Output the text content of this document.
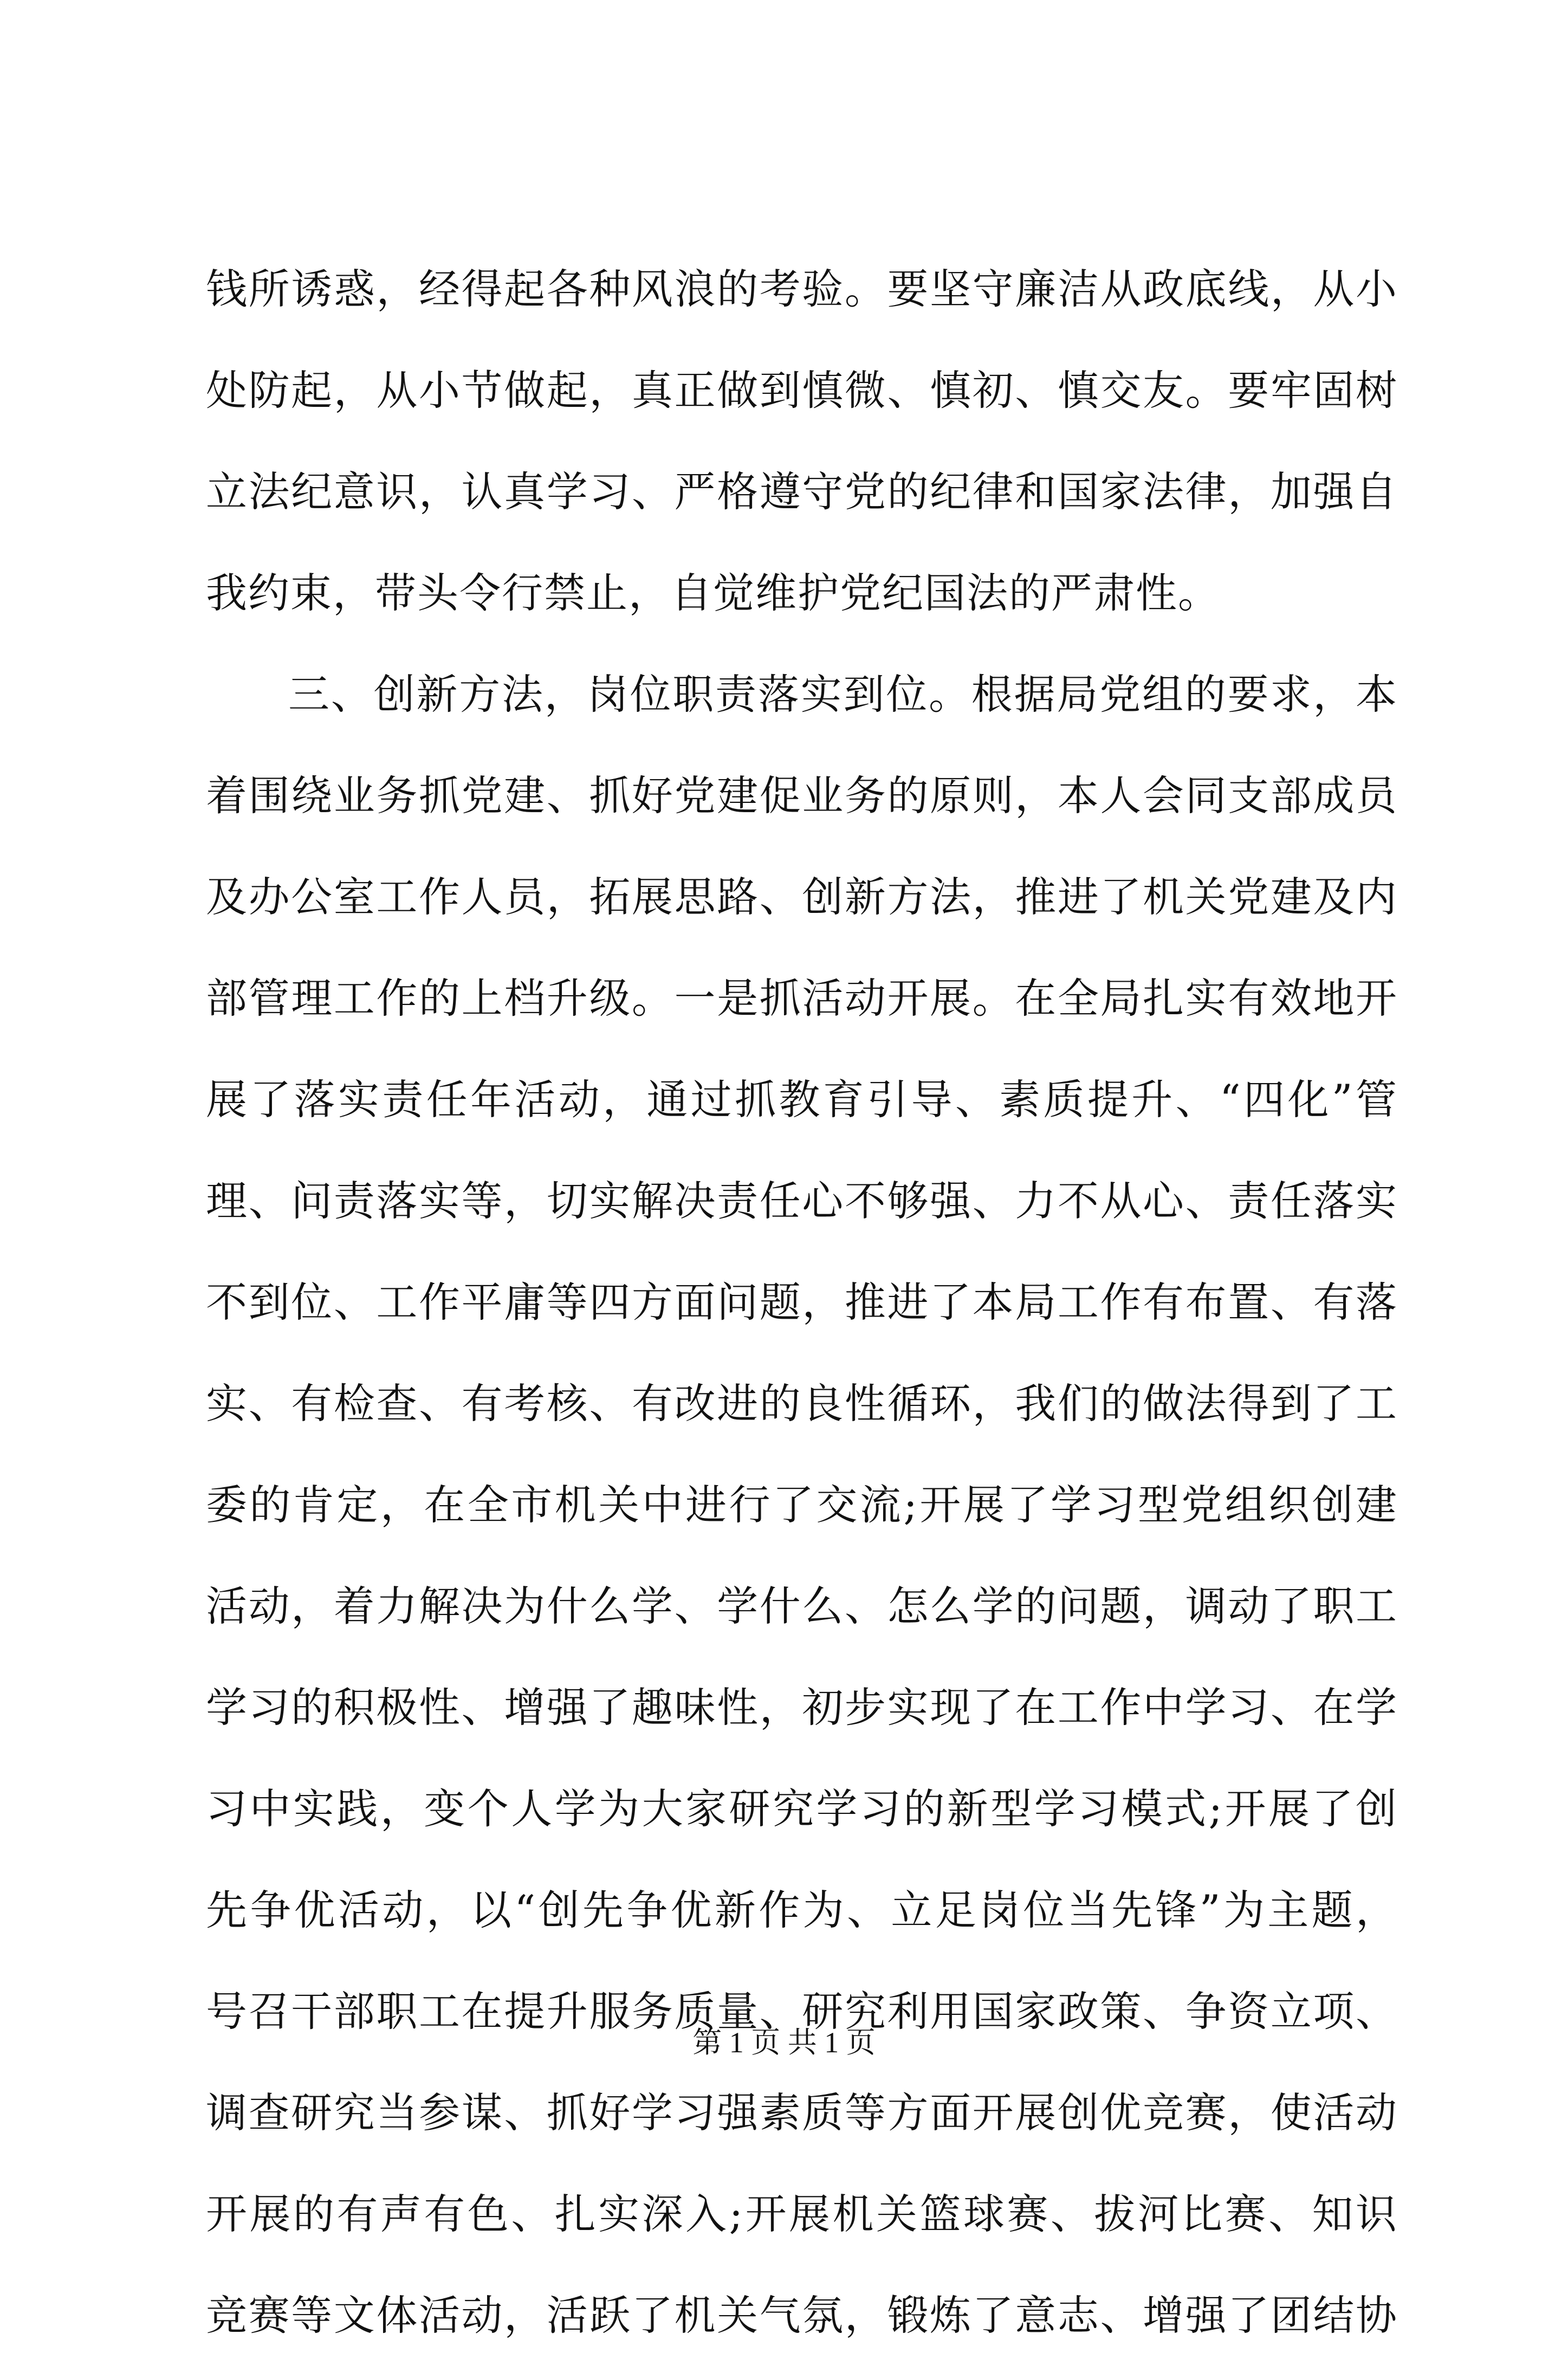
钱所诱惑，经得起各种风浪的考验。要坚守廉洁从政底线，从小
处防起，从小节做起，真正做到慎微、慎初、慎交友。要牢固树
立法纪意识，认真学习、严格遵守党的纪律和国家法律，加强自
我约束，带头令行禁止，自觉维护党纪国法的严肃性。
三、创新方法，岗位职责落实到位。根据局党组的要求，本
着围绕业务抓党建、抓好党建促业务的原则，本人会同支部成员
及办公室工作人员，拓展思路、创新方法，推进了机关党建及内
部管理工作的上档升级。一是抓活动开展。在全局扎实有效地开
展了落实责任年活动，通过抓教育引导、素质提升、“四化”管
理、问责落实等，切实解决责任心不够强、力不从心、责任落实
不到位、工作平庸等四方面问题，推进了本局工作有布置、有落
实、有检查、有考核、有改进的良性循环，我们的做法得到了工
委的肯定，在全市机关中进行了交流;开展了学习型党组织创建
活动，着力解决为什么学、学什么、怎么学的问题，调动了职工
学习的积极性、增强了趣味性，初步实现了在工作中学习、在学
习中实践，变个人学为大家研究学习的新型学习模式;开展了创
先争优活动，以“创先争优新作为、立足岗位当先锋”为主题，
号召干部职工在提升服务质量、研究利用国家政策、争资立项、
调查研究当参谋、抓好学习强素质等方面开展创优竞赛，使活动
开展的有声有色、扎实深入;开展机关篮球赛、拔河比赛、知识
竞赛等文体活动，活跃了机关气氛，锻炼了意志、增强了团结协
第 1 页 共 1 页
